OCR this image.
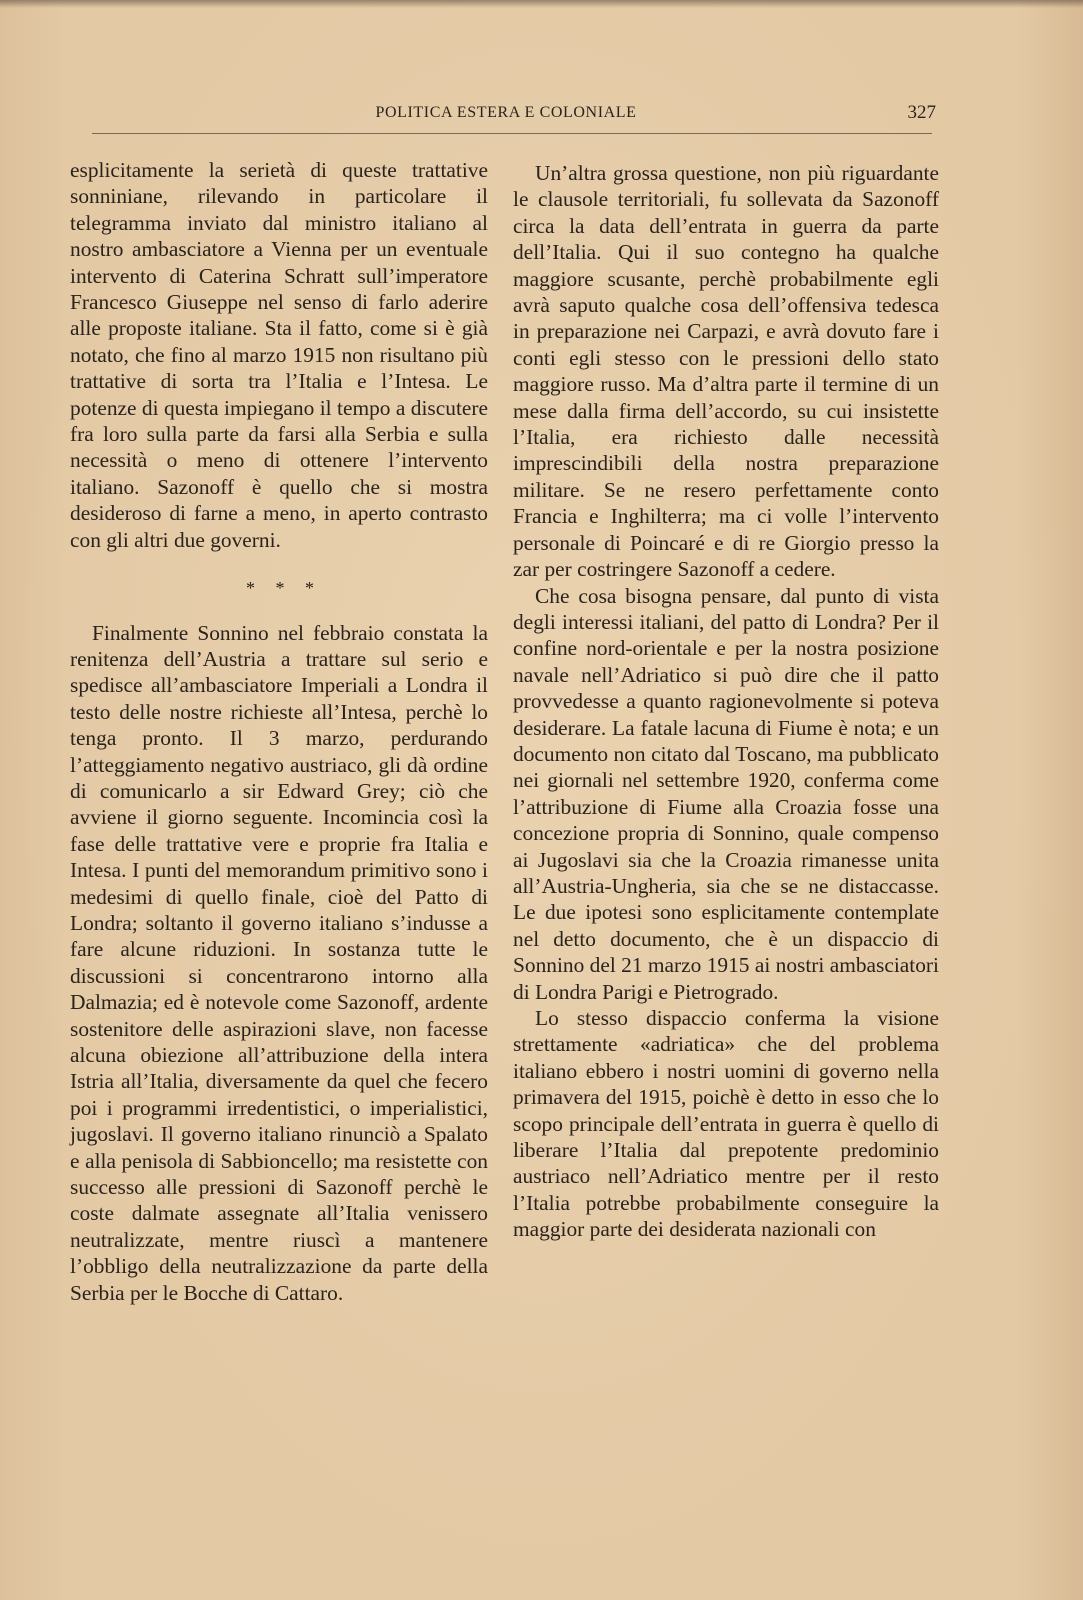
POLITICA ESTERA E COLONIALE	327

esplicitamente la serietà di queste trattative sonniniane, rilevando in particolare il telegramma inviato dal ministro italiano al nostro ambasciatore a Vienna per un eventuale intervento di Caterina Schratt sull’imperatore Francesco Giuseppe nel senso di farlo aderire alle proposte italiane. Sta il fatto, come si è già notato, che fino al marzo 1915 non risultano più trattative di sorta tra l’Italia e l’Intesa. Le potenze di questa impiegano il tempo a discutere fra loro sulla parte da farsi alla Serbia e sulla necessità o meno di ottenere l’intervento italiano. Sazonoff è quello che si mostra desideroso di farne a meno, in aperto contrasto con gli altri due governi.

* * *

Finalmente Sonnino nel febbraio constata la renitenza dell’Austria a trattare sul serio e spedisce all’ambasciatore Imperiali a Londra il testo delle nostre richieste all’Intesa, perchè lo tenga pronto. Il 3 marzo, perdurando l’atteggiamento negativo austriaco, gli dà ordine di comunicarlo a sir Edward Grey; ciò che avviene il giorno seguente. Incomincia così la fase delle trattative vere e proprie fra Italia e Intesa. I punti del memorandum primitivo sono i medesimi di quello finale, cioè del Patto di Londra; soltanto il governo italiano s’indusse a fare alcune riduzioni. In sostanza tutte le discussioni si concentrarono intorno alla Dalmazia; ed è notevole come Sazonoff, ardente sostenitore delle aspirazioni slave, non facesse alcuna obiezione all’attribuzione della intera Istria all’Italia, diversamente da quel che fecero poi i programmi irredentistici, o imperialistici, jugoslavi. Il governo italiano rinunciò a Spalato e alla penisola di Sabbioncello; ma resistette con successo alle pressioni di Sazonoff perchè le coste dalmate assegnate all’Italia venissero neutralizzate, mentre riuscì a mantenere l’obbligo della neutralizzazione da parte della Serbia per le Bocche di Cattaro.

Un’altra grossa questione, non più riguardante le clausole territoriali, fu sollevata da Sazonoff circa la data dell’entrata in guerra da parte dell’Italia. Qui il suo contegno ha qualche maggiore scusante, perchè probabilmente egli avrà saputo qualche cosa dell’offensiva tedesca in preparazione nei Carpazi, e avrà dovuto fare i conti egli stesso con le pressioni dello stato maggiore russo. Ma d’altra parte il termine di un mese dalla firma dell’accordo, su cui insistette l’Italia, era richiesto dalle necessità imprescindibili della nostra preparazione militare. Se ne resero perfettamente conto Francia e Inghilterra; ma ci volle l’intervento personale di Poincaré e di re Giorgio presso la zar per costringere Sazonoff a cedere.

Che cosa bisogna pensare, dal punto di vista degli interessi italiani, del patto di Londra? Per il confine nord-orientale e per la nostra posizione navale nell’Adriatico si può dire che il patto provvedesse a quanto ragionevolmente si poteva desiderare. La fatale lacuna di Fiume è nota; e un documento non citato dal Toscano, ma pubblicato nei giornali nel settembre 1920, conferma come l’attribuzione di Fiume alla Croazia fosse una concezione propria di Sonnino, quale compenso ai Jugoslavi sia che la Croazia rimanesse unita all’Austria-Ungheria, sia che se ne distaccasse. Le due ipotesi sono esplicitamente contemplate nel detto documento, che è un dispaccio di Sonnino del 21 marzo 1915 ai nostri ambasciatori di Londra Parigi e Pietrogrado.

Lo stesso dispaccio conferma la visione strettamente «adriatica» che del problema italiano ebbero i nostri uomini di governo nella primavera del 1915, poichè è detto in esso che lo scopo principale dell’entrata in guerra è quello di liberare l’Italia dal prepotente predominio austriaco nell’Adriatico mentre per il resto l’Italia potrebbe probabilmente conseguire la maggior parte dei desiderata nazionali con
